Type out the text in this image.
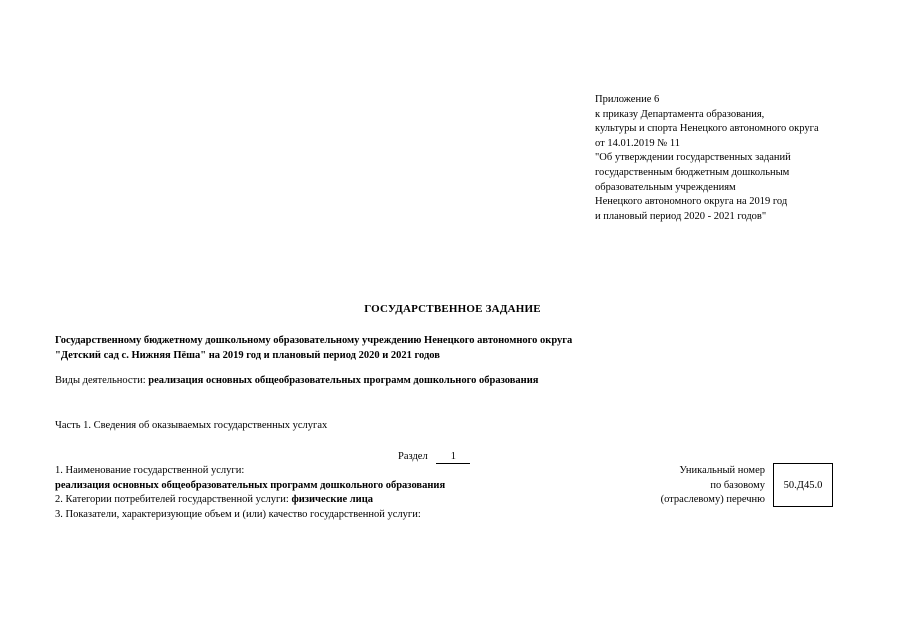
Приложение 6
к приказу Департамента образования,
культуры и спорта Ненецкого автономного округа
от 14.01.2019 № 11
"Об утверждении государственных заданий
государственным бюджетным дошкольным
образовательным учреждениям
Ненецкого автономного округа на 2019 год
и плановый период 2020 - 2021 годов"
ГОСУДАРСТВЕННОЕ ЗАДАНИЕ
Государственному бюджетному дошкольному образовательному учреждению Ненецкого автономного округа
"Детский сад с. Нижняя Пёша" на 2019 год и плановый период 2020 и 2021 годов
Виды деятельности: реализация основных общеобразовательных программ дошкольного образования
Часть 1. Сведения об оказываемых государственных услугах
Раздел 1
1. Наименование государственной услуги:
реализация основных общеобразовательных программ дошкольного образования
2. Категории потребителей государственной услуги: физические лица
3. Показатели, характеризующие объем и (или) качество государственной услуги:
Уникальный номер
по базовому
(отраслевому) перечню
50.Д45.0
